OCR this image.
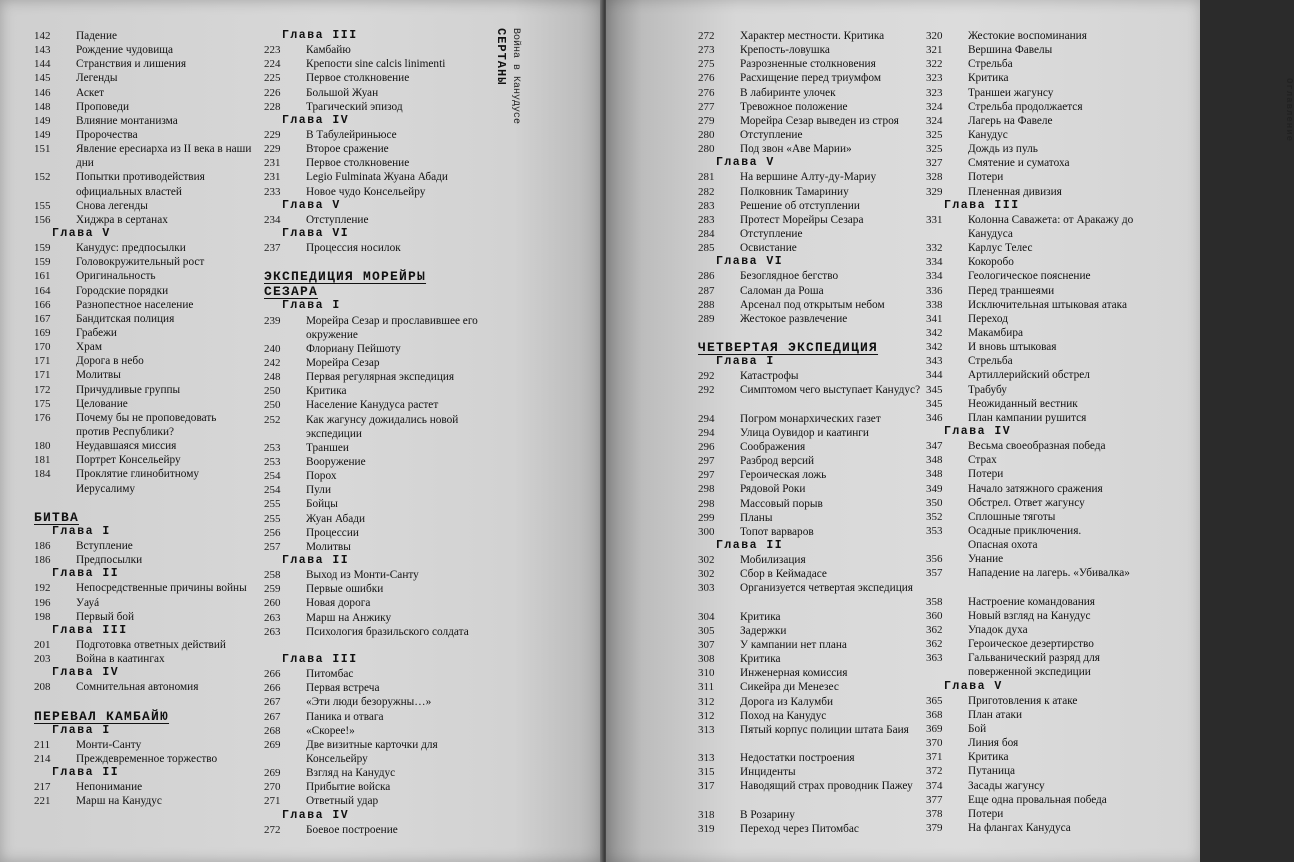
142	Падение
143	Рождение чудовища
144	Странствия и лишения
145	Легенды
146	Аскет
148	Проповеди
149	Влияние монтанизма
149	Пророчества
151	Явление ересиарха из II века в наши дни
152	Попытки противодействия официальных властей
155	Снова легенды
156	Хиджра в сертанах
Глава V
159	Канудус: предпосылки
159	Головокружительный рост
161	Оригинальность
164	Городские порядки
166	Разнопестное население
167	Бандитская полиция
169	Грабежи
170	Храм
171	Дорога в небо
171	Молитвы
172	Причудливые группы
175	Целование
176	Почему бы не проповедовать против Республики?
180	Неудавшаяся миссия
181	Портрет Консельейру
184	Проклятие глинобитному Иерусалиму
БИТВА
Глава I
186	Вступление
186	Предпосылки
Глава II
192	Непосредственные причины войны
196	Уауá
198	Первый бой
Глава III
201	Подготовка ответных действий
203	Война в каатингах
Глава IV
208	Сомнительная автономия
ПЕРЕВАЛ КАМБАЙЮ
Глава I
211	Монти-Санту
214	Преждевременное торжество
Глава II
217	Непонимание
221	Марш на Канудус
Глава III
223	Камбайю
224	Крепости sine calcis linimenti
225	Первое столкновение
226	Большой Жуан
228	Трагический эпизод
Глава IV
229	В Табулейриньюсе
229	Второе сражение
231	Первое столкновение
231	Legio Fulminata Жуана Абади
233	Новое чудо Консельейру
Глава V
234	Отступление
Глава VI
237	Процессия носилок
ЭКСПЕДИЦИЯ МОРЕЙРЫ
СЕЗАРА
Глава I
239	Морейра Сезар и прославившее его окружение
240	Флориану Пейшоту
242	Морейра Сезар
248	Первая регулярная экспедиция
250	Критика
250	Население Канудуса растет
252	Как жагунсу дожидались новой экспедиции
253	Траншеи
253	Вооружение
254	Порох
254	Пули
255	Бойцы
255	Жуан Абади
256	Процессии
257	Молитвы
Глава II
258	Выход из Монти-Санту
259	Первые ошибки
260	Новая дорога
263	Марш на Анжику
263	Психология бразильского солдата
Глава III
266	Питомбас
266	Первая встреча
267	«Эти люди безоружны…»
267	Паника и отвага
268	«Скорее!»
269	Две визитные карточки для Консельейру
269	Взгляд на Канудус
270	Прибытие войска
271	Ответный удар
Глава IV
272	Боевое построение
СЕРТАНЫ Война в Канудусе	Оглавление
272	Характер местности. Критика
273	Крепость-ловушка
275	Разрозненные столкновения
276	Расхищение перед триумфом
276	В лабиринте улочек
277	Тревожное положение
279	Морейра Сезар выведен из строя
280	Отступление
280	Под звон «Аве Марии»
Глава V
281	На вершине Алту-ду-Мариу
282	Полковник Тамариниу
283	Решение об отступлении
283	Протест Морейры Сезара
284	Отступление
285	Освистание
Глава VI
286	Безоглядное бегство
287	Саломан да Роша
288	Арсенал под открытым небом
289	Жестокое развлечение
ЧЕТВЕРТАЯ ЭКСПЕДИЦИЯ
Глава I
292	Катастрофы
292	Симптомом чего выступает Канудус?
294	Погром монархических газет
294	Улица Оувидор и каатинги
296	Соображения
297	Разброд версий
297	Героическая ложь
298	Рядовой Роки
298	Массовый порыв
299	Планы
300	Топот варваров
Глава II
302	Мобилизация
302	Сбор в Кеймадасе
303	Организуется четвертая экспедиция
304	Критика
305	Задержки
307	У кампании нет плана
308	Критика
310	Инженерная комиссия
311	Сикейра ди Менезес
312	Дорога из Калумби
312	Поход на Канудус
313	Пятый корпус полиции штата Баия
313	Недостатки построения
315	Инциденты
317	Наводящий страх проводник Пажеу
318	В Розарину
319	Переход через Питомбас
320	Жестокие воспоминания
321	Вершина Фавелы
322	Стрельба
323	Критика
323	Траншеи жагунсу
324	Стрельба продолжается
324	Лагерь на Фавеле
325	Канудус
325	Дождь из пуль
327	Смятение и суматоха
328	Потери
329	Плененная дивизия
Глава III
331	Колонна Саважета: от Аракажу до Канудуса
332	Карлус Телес
334	Кокоробо
334	Геологическое пояснение
336	Перед траншеями
338	Исключительная штыковая атака
341	Переход
342	Макамбира
342	И вновь штыковая
343	Стрельба
344	Артиллерийский обстрел
345	Трабубу
345	Неожиданный вестник
346	План кампании рушится
Глава IV
347	Весьма своеобразная победа
348	Страх
348	Потери
349	Начало затяжного сражения
350	Обстрел. Ответ жагунсу
352	Сплошные тяготы
353	Осадные приключения.
Опасная охота
356	Унание
357	Нападение на лагерь. «Убивалка»
358	Настроение командования
360	Новый взгляд на Канудус
362	Упадок духа
362	Героическое дезертирство
363	Гальванический разряд для поверженной экспедиции
Глава V
365	Приготовления к атаке
368	План атаки
369	Бой
370	Линия боя
371	Критика
372	Путаница
374	Засады жагунсу
377	Еще одна провальная победа
378	Потери
379	На флангах Канудуса
